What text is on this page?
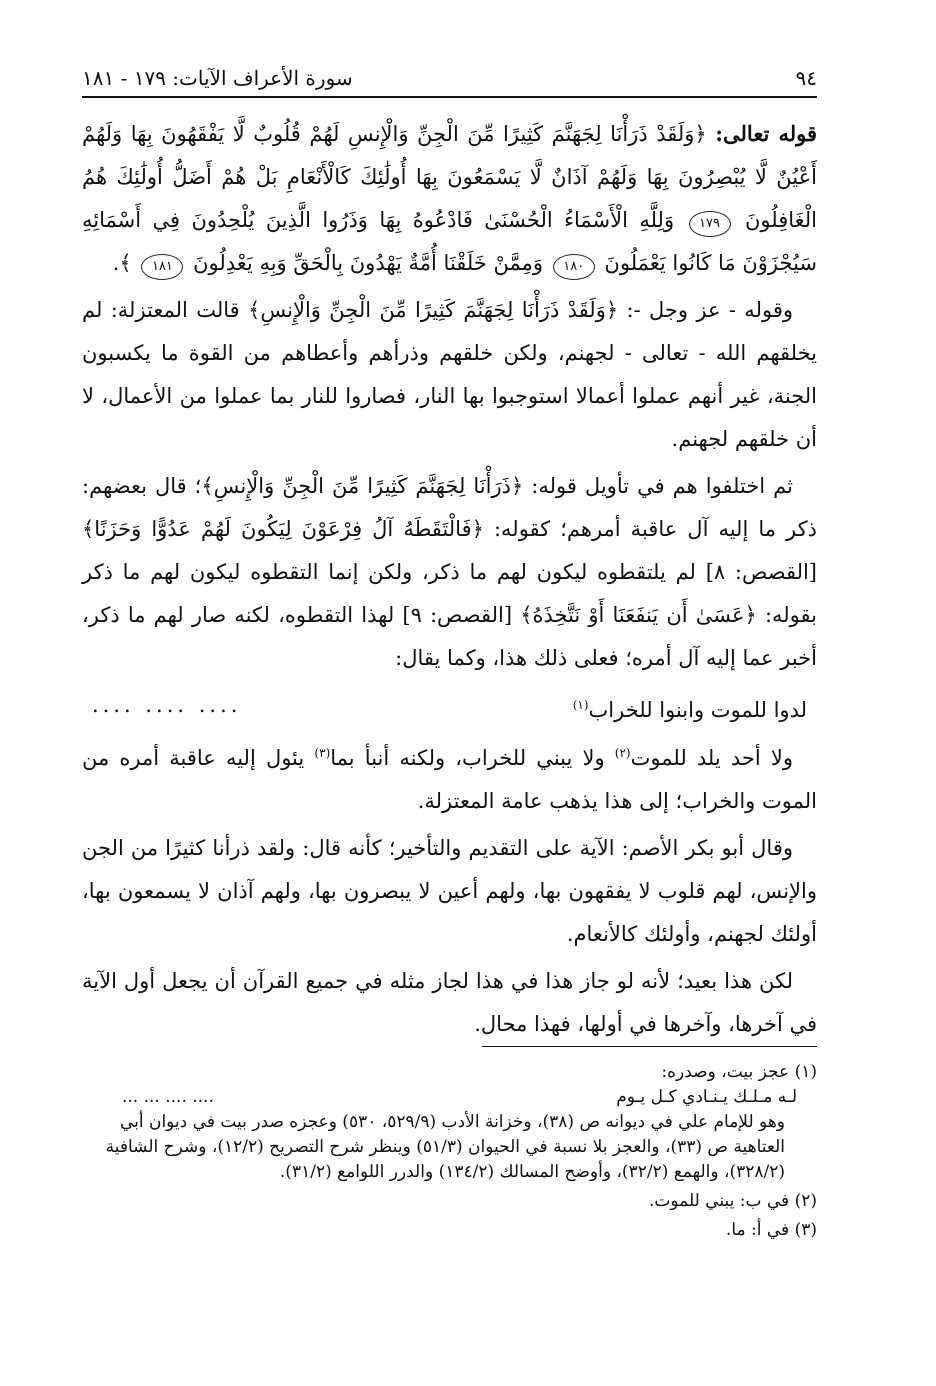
٩٤
سورة الأعراف الآيات: ١٧٩ - ١٨١

قوله تعالى: ﴿وَلَقَدْ ذَرَأْنَا لِجَهَنَّمَ كَثِيرًا مِّنَ الْجِنِّ وَالْإِنسِ لَهُمْ قُلُوبٌ لَّا يَفْقَهُونَ بِهَا وَلَهُمْ أَعْيُنٌ لَّا يُبْصِرُونَ بِهَا وَلَهُمْ آذَانٌ لَّا يَسْمَعُونَ بِهَا أُولَٰئِكَ كَالْأَنْعَامِ بَلْ هُمْ أَضَلُّ أُولَٰئِكَ هُمُ الْغَافِلُونَ ١٧٩ وَلِلَّهِ الْأَسْمَاءُ الْحُسْنَىٰ فَادْعُوهُ بِهَا وَذَرُوا الَّذِينَ يُلْحِدُونَ فِي أَسْمَائِهِ سَيُجْزَوْنَ مَا كَانُوا يَعْمَلُونَ ١٨٠ وَمِمَّنْ خَلَقْنَا أُمَّةٌ يَهْدُونَ بِالْحَقِّ وَبِهِ يَعْدِلُونَ ١٨١ ﴾.

وقوله - عز وجل -: ﴿وَلَقَدْ ذَرَأْنَا لِجَهَنَّمَ كَثِيرًا مِّنَ الْجِنِّ وَالْإِنسِ﴾ قالت المعتزلة: لم يخلقهم الله - تعالى - لجهنم، ولكن خلقهم وذرأهم وأعطاهم من القوة ما يكسبون الجنة، غير أنهم عملوا أعمالا استوجبوا بها النار، فصاروا للنار بما عملوا من الأعمال، لا أن خلقهم لجهنم.

ثم اختلفوا هم في تأويل قوله: ﴿ذَرَأْنَا لِجَهَنَّمَ كَثِيرًا مِّنَ الْجِنِّ وَالْإِنسِ﴾؛ قال بعضهم: ذكر ما إليه آل عاقبة أمرهم؛ كقوله: ﴿فَالْتَقَطَهُ آلُ فِرْعَوْنَ لِيَكُونَ لَهُمْ عَدُوًّا وَحَزَنًا﴾ [القصص: ٨] لم يلتقطوه ليكون لهم ما ذكر، ولكن إنما التقطوه ليكون لهم ما ذكر بقوله: ﴿عَسَىٰ أَن يَنفَعَنَا أَوْ نَتَّخِذَهُ﴾ [القصص: ٩] لهذا التقطوه، لكنه صار لهم ما ذكر، أخبر عما إليه آل أمره؛ فعلى ذلك هذا، وكما يقال:

لدوا للموت وابنوا للخراب$^{(١)}$
.... .... ....

ولا أحد يلد للموت$^{(٢)}$ ولا يبني للخراب، ولكنه أنبأ بما$^{(٣)}$ يئول إليه عاقبة أمره من الموت والخراب؛ إلى هذا يذهب عامة المعتزلة.

وقال أبو بكر الأصم: الآية على التقديم والتأخير؛ كأنه قال: ولقد ذرأنا كثيرًا من الجن والإنس، لهم قلوب لا يفقهون بها، ولهم أعين لا يبصرون بها، ولهم آذان لا يسمعون بها، أولئك لجهنم، وأولئك كالأنعام.

لكن هذا بعيد؛ لأنه لو جاز هذا في هذا لجاز مثله في جميع القرآن أن يجعل أول الآية في آخرها، وآخرها في أولها، فهذا محال.

(١) عجز بيت، وصدره:
لـه مـلـك يـنـادي كـل يـوم
.... .... ... ...
وهو للإمام علي في ديوانه ص (٣٨)، وخزانة الأدب (٥٢٩/٩، ٥٣٠) وعجزه صدر بيت في ديوان أبي العتاهية ص (٣٣)، والعجز بلا نسبة في الحيوان (٥١/٣) وينظر شرح التصريح (١٢/٢)، وشرح الشافية (٣٢٨/٢)، والهمع (٣٢/٢)، وأوضح المسالك (١٣٤/٢) والدرر اللوامع (٣١/٢).
(٢) في ب: يبني للموت.
(٣) في أ: ما.
